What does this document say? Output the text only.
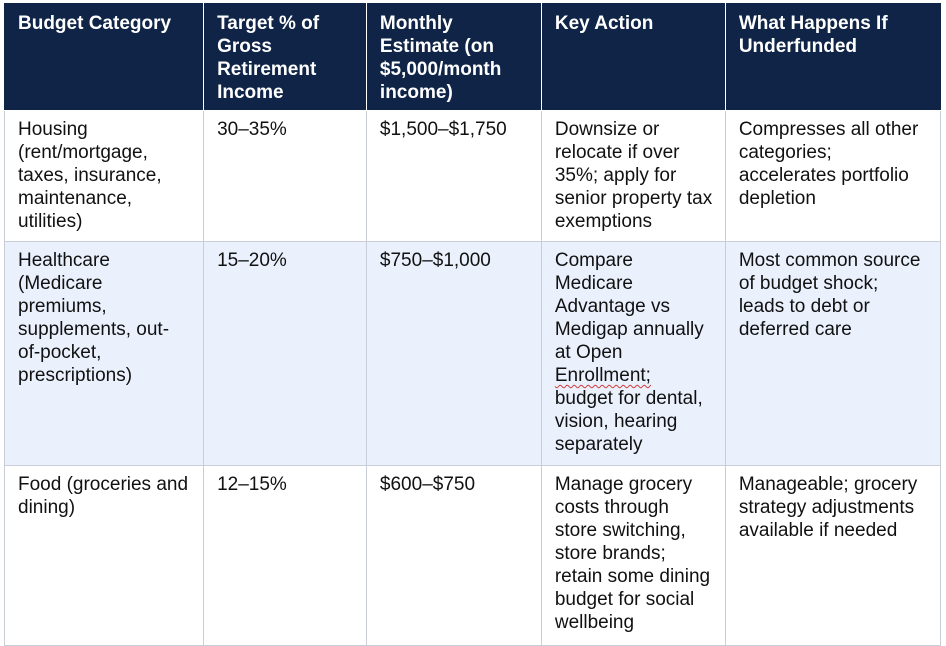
Budget Category	Target % of Gross Retirement Income	Monthly Estimate (on $5,000/month income)	Key Action	What Happens If Underfunded
Housing (rent/mortgage, taxes, insurance, maintenance, utilities)	30–35%	$1,500–$1,750	Downsize or relocate if over 35%; apply for senior property tax exemptions	Compresses all other categories; accelerates portfolio depletion
Healthcare (Medicare premiums, supplements, out-of-pocket, prescriptions)	15–20%	$750–$1,000	Compare Medicare Advantage vs Medigap annually at Open Enrollment; budget for dental, vision, hearing separately	Most common source of budget shock; leads to debt or deferred care
Food (groceries and dining)	12–15%	$600–$750	Manage grocery costs through store switching, store brands; retain some dining budget for social wellbeing	Manageable; grocery strategy adjustments available if needed
